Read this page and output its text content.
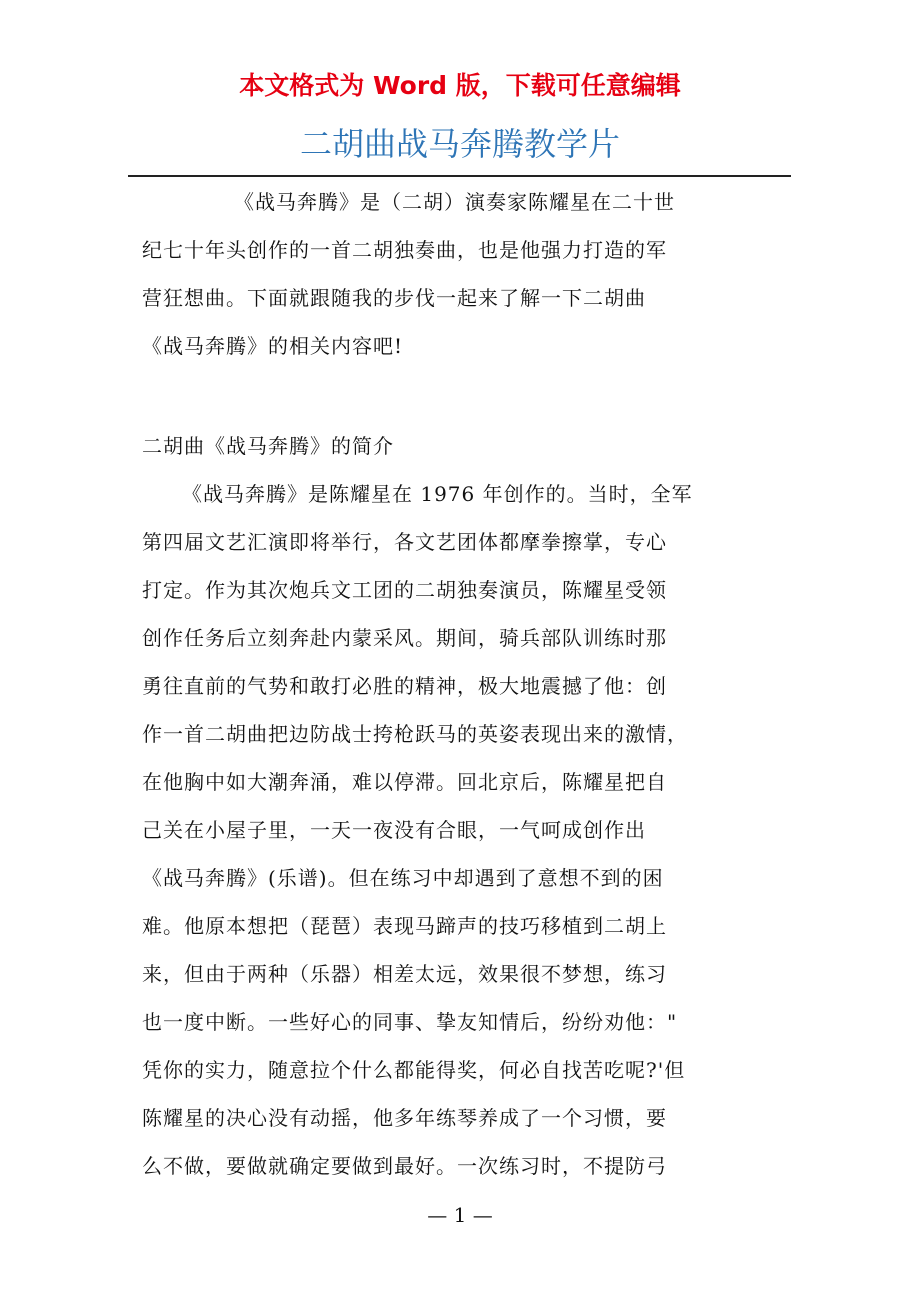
本文格式为 Word 版，下载可任意编辑
二胡曲战马奔腾教学片

《战马奔腾》是（二胡）演奏家陈耀星在二十世
纪七十年头创作的一首二胡独奏曲，也是他强力打造的军
营狂想曲。下面就跟随我的步伐一起来了解一下二胡曲
《战马奔腾》的相关内容吧!

二胡曲《战马奔腾》的简介

《战马奔腾》是陈耀星在 1976 年创作的。当时，全军
第四届文艺汇演即将举行，各文艺团体都摩拳擦掌，专心
打定。作为其次炮兵文工团的二胡独奏演员，陈耀星受领
创作任务后立刻奔赴内蒙采风。期间，骑兵部队训练时那
勇往直前的气势和敢打必胜的精神，极大地震撼了他：创
作一首二胡曲把边防战士挎枪跃马的英姿表现出来的激情，
在他胸中如大潮奔涌，难以停滞。回北京后，陈耀星把自
己关在小屋子里，一天一夜没有合眼，一气呵成创作出
《战马奔腾》(乐谱)。但在练习中却遇到了意想不到的困
难。他原本想把（琵琶）表现马蹄声的技巧移植到二胡上
来，但由于两种（乐器）相差太远，效果很不梦想，练习
也一度中断。一些好心的同事、挚友知情后，纷纷劝他："
凭你的实力，随意拉个什么都能得奖，何必自找苦吃呢?'但
陈耀星的决心没有动摇，他多年练琴养成了一个习惯，要
么不做，要做就确定要做到最好。一次练习时，不提防弓

— 1 —
